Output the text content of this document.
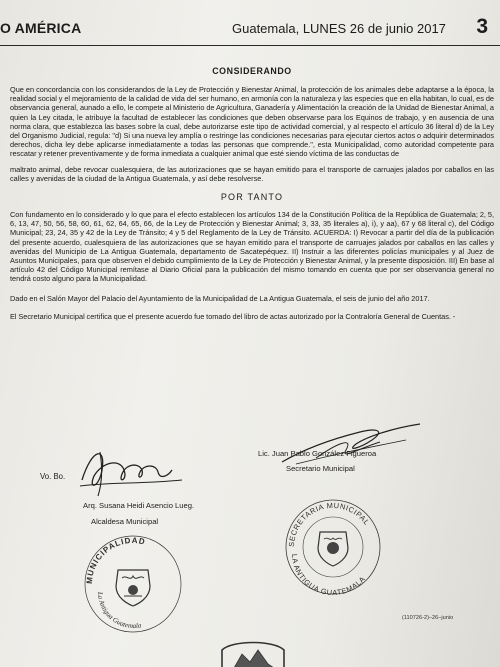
O AMÉRICA	Guatemala, LUNES 26 de junio 2017 3
CONSIDERANDO

Que en concordancia con los considerandos de la Ley de Protección y Bienestar Animal, la protección de los animales debe adaptarse a la época, la realidad social y el mejoramiento de la calidad de vida del ser humano, en armonía con la naturaleza y las especies que en ella habitan, lo cual, es de observancia general, aunado a ello, le compete al Ministerio de Agricultura, Ganadería y Alimentación la creación de la Unidad de Bienestar Animal, a quien la Ley citada, le atribuye la facultad de establecer las condiciones que deben observarse para los Equinos de trabajo, y en ausencia de una norma clara, que establezca las bases sobre la cual, debe autorizarse este tipo de actividad comercial, y al respecto el artículo 36 literal d) de la Ley del Organismo Judicial, regula: "d) Si una nueva ley amplía o restringe las condiciones necesarias para ejecutar ciertos actos o adquirir determinados derechos, dicha ley debe aplicarse inmediatamente a todas las personas que comprende.", esta Municipalidad, como autoridad competente para rescatar y retener preventivamente y de forma inmediata a cualquier animal que esté siendo víctima de las conductas de

maltrato animal, debe revocar cualesquiera, de las autorizaciones que se hayan emitido para el transporte de carruajes jalados por caballos en las calles y avenidas de la ciudad de la Antigua Guatemala, y así debe resolverse.

POR TANTO

Con fundamento en lo considerado y lo que para el efecto establecen los artículos 134 de la Constitución Política de la República de Guatemala; 2, 5, 6, 13, 47, 50, 56, 58, 60, 61, 62, 64, 65, 66, de la Ley de Protección y Bienestar Animal; 3, 33, 35 literales a), i), y aa), 67 y 68 literal c), del Código Municipal; 23, 24, 35 y 42 de la Ley de Tránsito; 4 y 5 del Reglamento de la Ley de Tránsito. ACUERDA: I) Revocar a partir del día de la publicación del presente acuerdo, cualesquiera de las autorizaciones que se hayan emitido para el transporte de carruajes jalados por caballos en las calles y avenidas del Municipio de La Antigua Guatemala, departamento de Sacatepéquez. II) Instruir a las diferentes policías municipales y al Juez de Asuntos Municipales, para que observen el debido cumplimiento de la Ley de Protección y Bienestar Animal, y la presente disposición. III) En base al artículo 42 del Código Municipal remítase al Diario Oficial para la publicación del mismo tomando en cuenta que por ser observancia general no tendrá costo alguno para la Municipalidad.

Dado en el Salón Mayor del Palacio del Ayuntamiento de la Municipalidad de La Antigua Guatemala, el seis de junio del año 2017.

El Secretario Municipal certifica que el presente acuerdo fue tomado del libro de actas autorizado por la Contraloría General de Cuentas. -

Vo. Bo.
Arq. Susana Heidi Asencio Lueg.
Alcaldesa Municipal
Lic. Juan Pablo González Figueroa
Secretario Municipal
MUNICIPALIDAD
La Antigua Guatemala
SECRETARIA MUNICIPAL
LA ANTIGUA GUATEMALA
(110726-2)–26–junio
